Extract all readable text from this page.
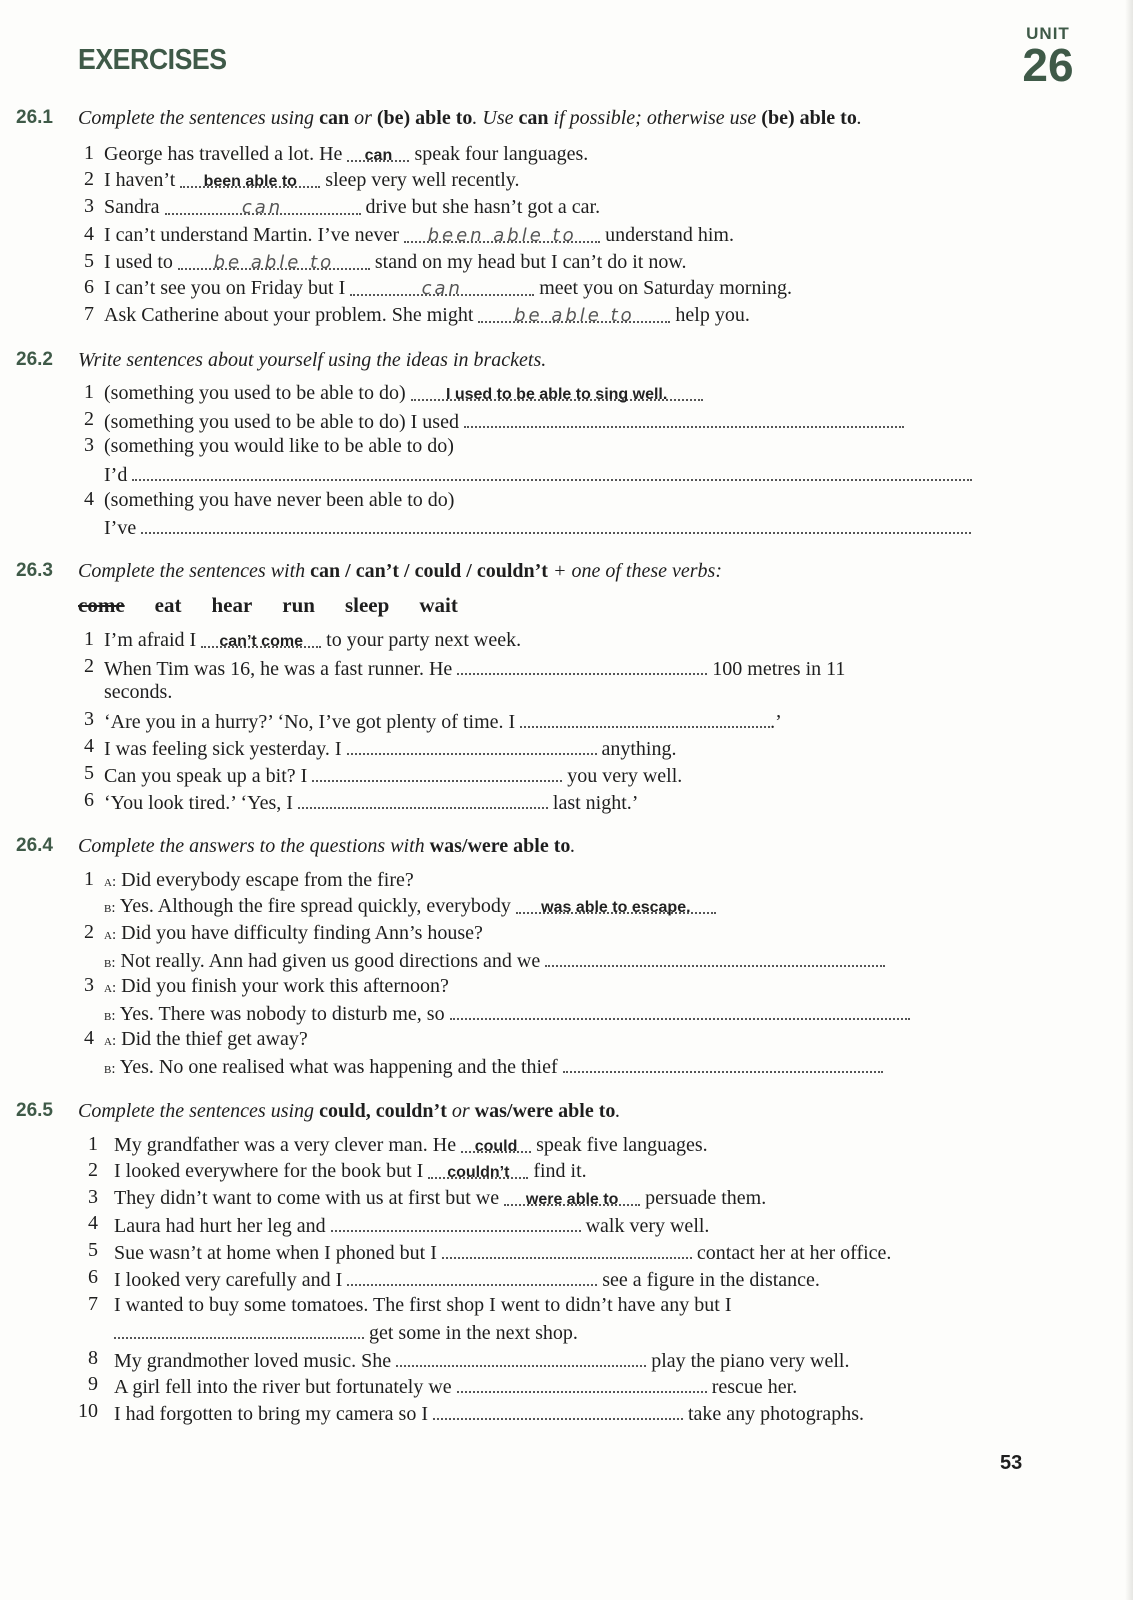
EXERCISES
UNIT
26
26.1 Complete the sentences using can or (be) able to. Use can if possible; otherwise use (be) able to.
1 George has travelled a lot. He can speak four languages.
2 I haven’t been able to sleep very well recently.
3 Sandra	can	drive but she hasn’t got a car.
4 I can’t understand Martin. I’ve never been able to understand him.
5 I used to be able to stand on my head but I can’t do it now.
6 I can’t see you on Friday but I	can	meet you on Saturday morning.
7 Ask Catherine about your problem. She might be able to help you.
26.2 Write sentences about yourself using the ideas in brackets.
1 (something you used to be able to do)	I used to be able to sing well.
2 (something you used to be able to do) I used
3 (something you would like to be able to do)
I’d
4 (something you have never been able to do)
I’ve
26.3 Complete the sentences with can / can’t / could / couldn’t + one of these verbs:
come eat hear run sleep wait
1 I’m afraid I can’t come to your party next week.
2 When Tim was 16, he was a fast runner. He	100 metres in 11
seconds.
3 ‘Are you in a hurry?’ ‘No, I’ve got plenty of time. I	.’
4 I was feeling sick yesterday. I	anything.
5 Can you speak up a bit? I	you very well.
6 ‘You look tired.’ ‘Yes, I	last night.’
26.4 Complete the answers to the questions with was/were able to.
1 a: Did everybody escape from the fire?
b: Yes. Although the fire spread quickly, everybody was able to escape.
2 a: Did you have difficulty finding Ann’s house?
b: Not really. Ann had given us good directions and we
3 a: Did you finish your work this afternoon?
b: Yes. There was nobody to disturb me, so
4 a: Did the thief get away?
b: Yes. No one realised what was happening and the thief
26.5 Complete the sentences using could, couldn’t or was/were able to.
1 My grandfather was a very clever man. He could speak five languages.
2 I looked everywhere for the book but I couldn’t find it.
3 They didn’t want to come with us at first but we were able to persuade them.
4 Laura had hurt her leg and	walk very well.
5 Sue wasn’t at home when I phoned but I	contact her at her office.
6 I looked very carefully and I	see a figure in the distance.
7 I wanted to buy some tomatoes. The first shop I went to didn’t have any but I
get some in the next shop.
8 My grandmother loved music. She	play the piano very well.
9 A girl fell into the river but fortunately we	rescue her.
10 I had forgotten to bring my camera so I	take any photographs.
53
